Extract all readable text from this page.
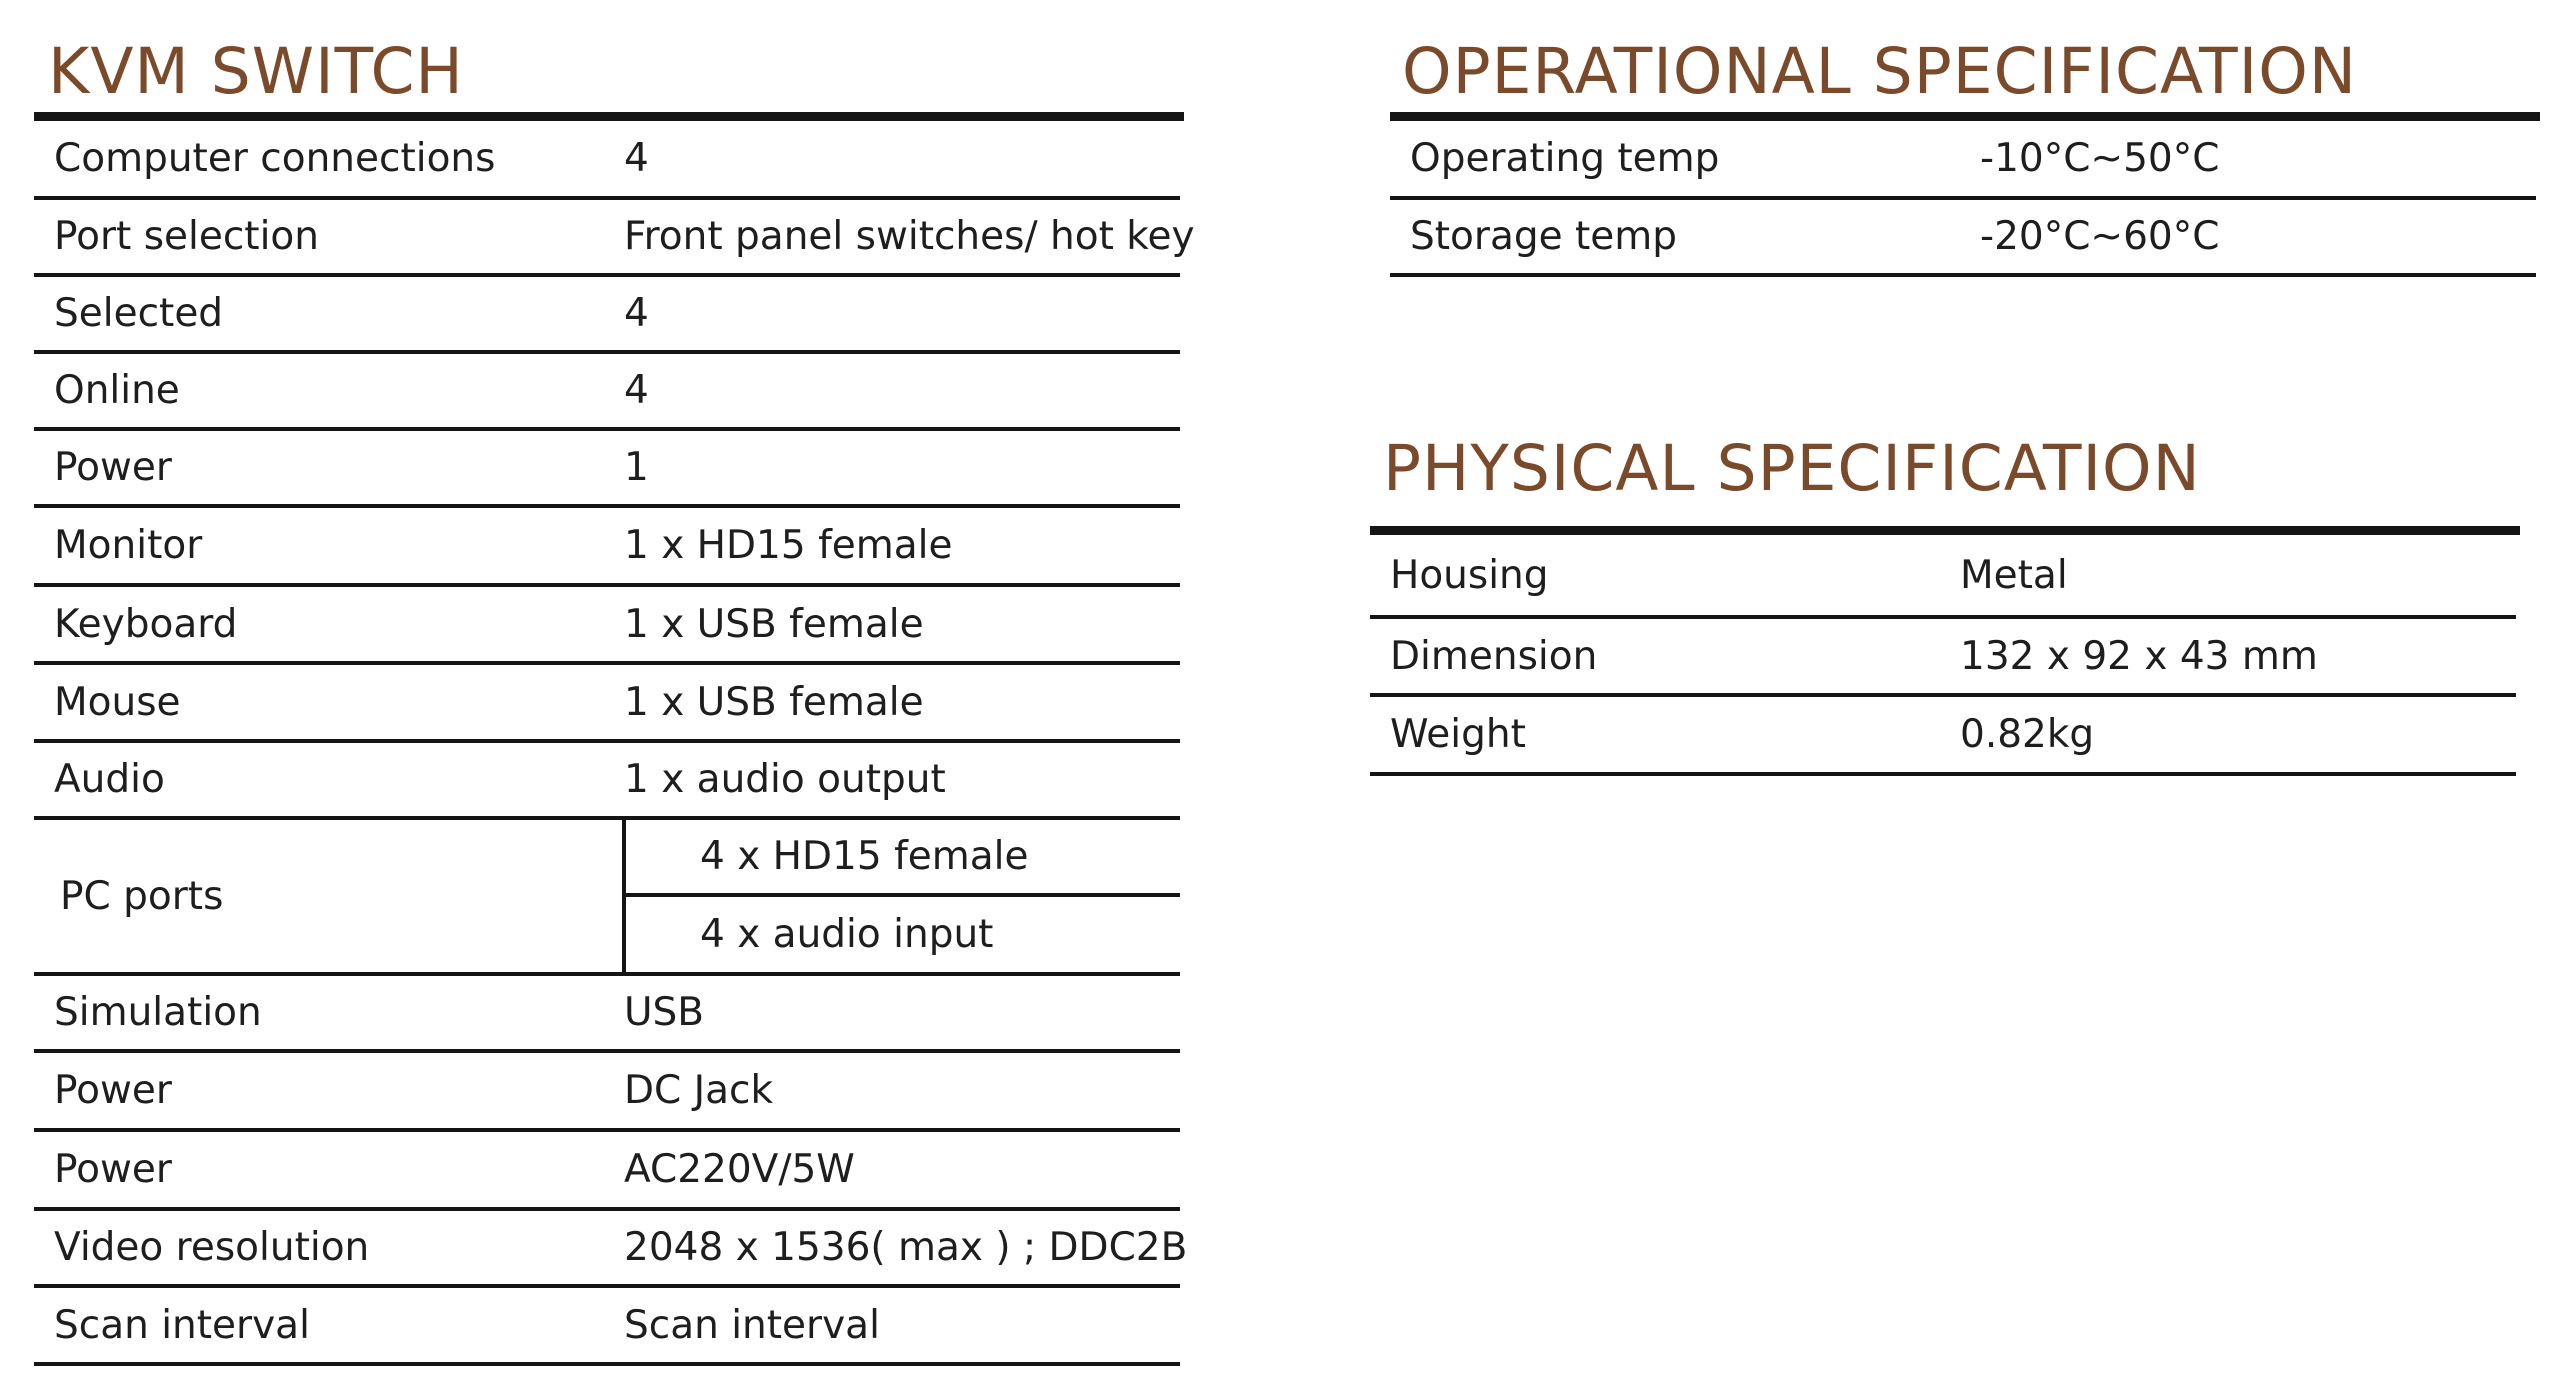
KVM SWITCH
Computer connections	4
Port selection	Front panel switches/ hot key
Selected	4
Online	4
Power	1
Monitor	1 x HD15 female
Keyboard	1 x USB female
Mouse	1 x USB female
Audio	1 x audio output
PC ports	4 x HD15 female
	4 x audio input
Simulation	USB
Power	DC Jack
Power	AC220V/5W
Video resolution	2048 x 1536( max ) ; DDC2B
Scan interval	Scan interval
OPERATIONAL SPECIFICATION
Operating temp	-10°C~50°C
Storage temp	-20°C~60°C
PHYSICAL SPECIFICATION
Housing	Metal
Dimension	132 x 92 x 43 mm
Weight	0.82kg
